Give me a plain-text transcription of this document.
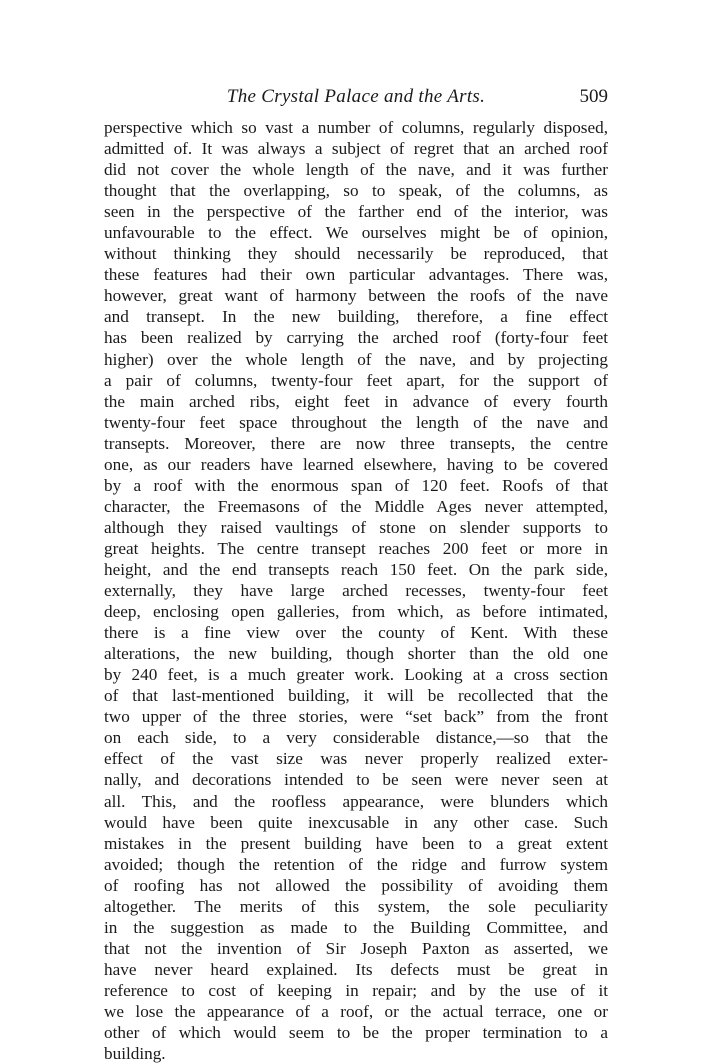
The Crystal Palace and the Arts.	509
perspective which so vast a number of columns, regularly disposed,
admitted of. It was always a subject of regret that an arched roof
did not cover the whole length of the nave, and it was further
thought that the overlapping, so to speak, of the columns, as
seen in the perspective of the farther end of the interior, was
unfavourable to the effect. We ourselves might be of opinion,
without thinking they should necessarily be reproduced, that
these features had their own particular advantages. There was,
however, great want of harmony between the roofs of the nave
and transept. In the new building, therefore, a fine effect
has been realized by carrying the arched roof (forty-four feet
higher) over the whole length of the nave, and by projecting
a pair of columns, twenty-four feet apart, for the support of
the main arched ribs, eight feet in advance of every fourth
twenty-four feet space throughout the length of the nave and
transepts. Moreover, there are now three transepts, the centre
one, as our readers have learned elsewhere, having to be covered
by a roof with the enormous span of 120 feet. Roofs of that
character, the Freemasons of the Middle Ages never attempted,
although they raised vaultings of stone on slender supports to
great heights. The centre transept reaches 200 feet or more in
height, and the end transepts reach 150 feet. On the park side,
externally, they have large arched recesses, twenty-four feet
deep, enclosing open galleries, from which, as before intimated,
there is a fine view over the county of Kent. With these
alterations, the new building, though shorter than the old one
by 240 feet, is a much greater work. Looking at a cross section
of that last-mentioned building, it will be recollected that the
two upper of the three stories, were “set back” from the front
on each side, to a very considerable distance,—so that the
effect of the vast size was never properly realized exter-
nally, and decorations intended to be seen were never seen at
all. This, and the roofless appearance, were blunders which
would have been quite inexcusable in any other case. Such
mistakes in the present building have been to a great extent
avoided; though the retention of the ridge and furrow system
of roofing has not allowed the possibility of avoiding them
altogether. The merits of this system, the sole peculiarity
in the suggestion as made to the Building Committee, and
that not the invention of Sir Joseph Paxton as asserted, we
have never heard explained. Its defects must be great in
reference to cost of keeping in repair; and by the use of it
we lose the appearance of a roof, or the actual terrace, one or
other of which would seem to be the proper termination to a
building.
